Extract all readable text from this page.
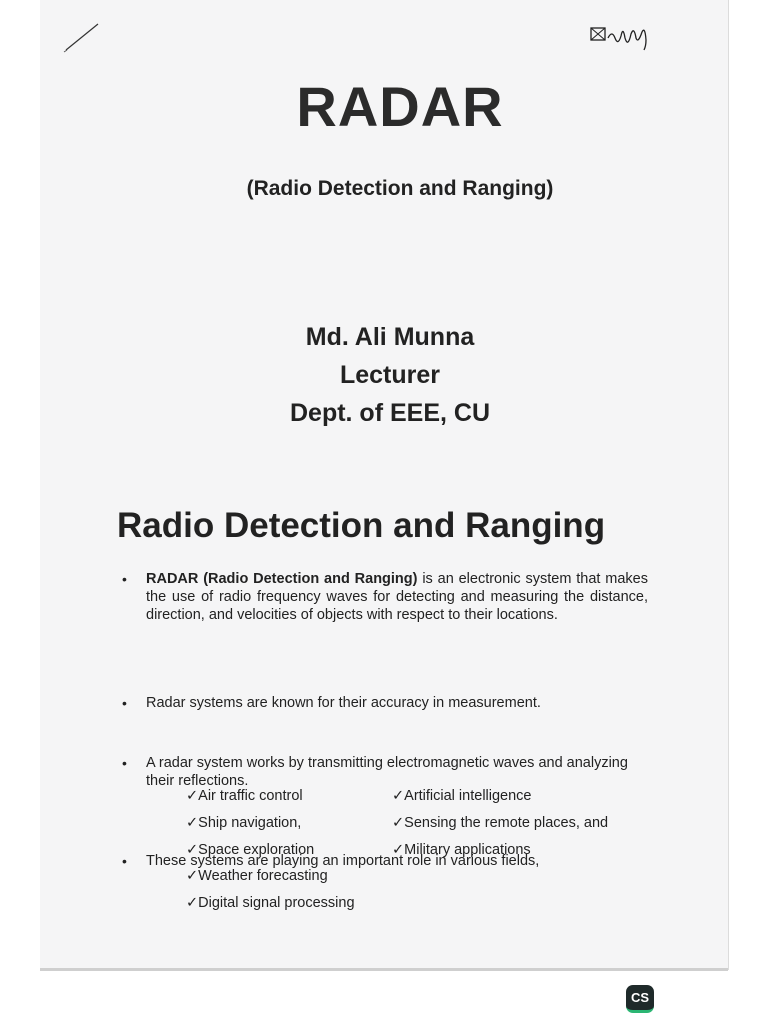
RADAR
(Radio Detection and Ranging)
Md. Ali Munna
Lecturer
Dept. of EEE, CU
Radio Detection and Ranging
• RADAR (Radio Detection and Ranging) is an electronic system that makes the use of radio frequency waves for detecting and measuring the distance, direction, and velocities of objects with respect to their locations.
• Radar systems are known for their accuracy in measurement.
• A radar system works by transmitting electromagnetic waves and analyzing their reflections.
• These systems are playing an important role in various fields,
✓Air traffic control
✓Ship navigation,
✓Space exploration
✓Weather forecasting
✓Digital signal processing
✓Artificial intelligence
✓Sensing the remote places, and
✓Military applications
CS
